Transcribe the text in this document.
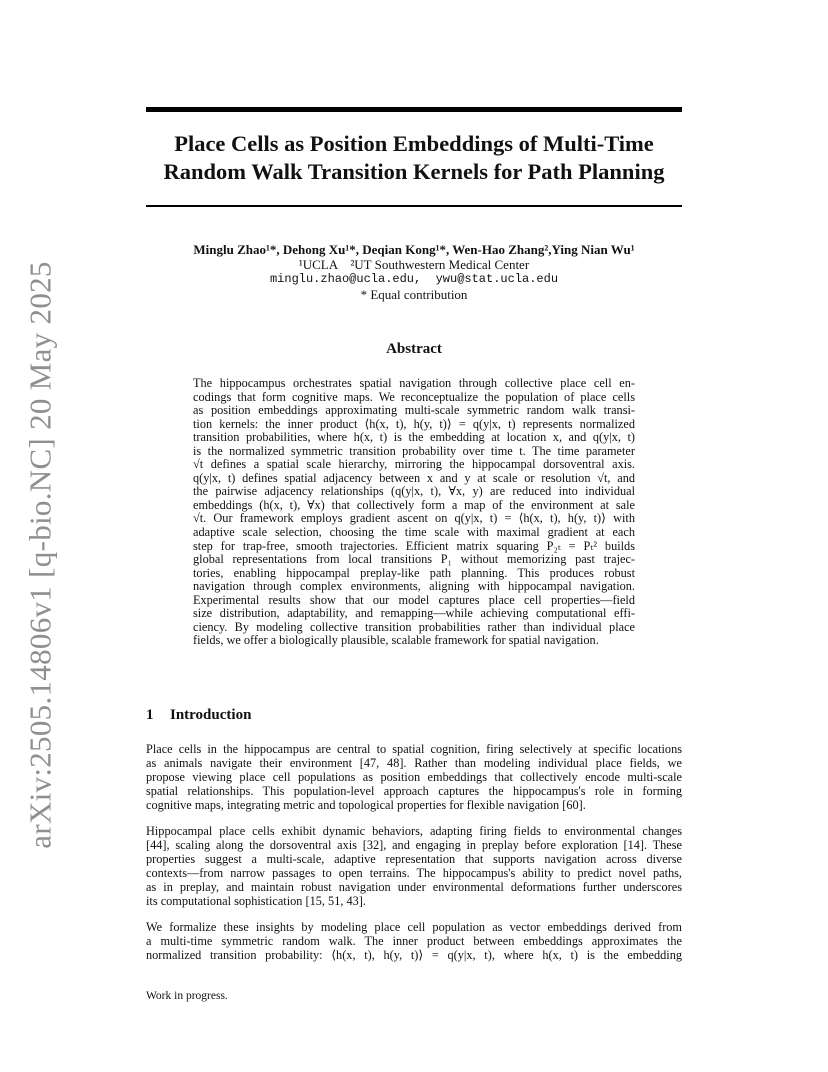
arXiv:2505.14806v1 [q-bio.NC] 20 May 2025
Place Cells as Position Embeddings of Multi-Time
Random Walk Transition Kernels for Path Planning
Minglu Zhao¹*, Dehong Xu¹*, Deqian Kong¹*, Wen-Hao Zhang²,Ying Nian Wu¹
¹UCLA    ²UT Southwestern Medical Center
minglu.zhao@ucla.edu,  ywu@stat.ucla.edu
* Equal contribution
Abstract
The hippocampus orchestrates spatial navigation through collective place cell en-
codings that form cognitive maps. We reconceptualize the population of place cells
as position embeddings approximating multi-scale symmetric random walk transi-
tion kernels: the inner product ⟨h(x, t), h(y, t)⟩ = q(y|x, t) represents normalized
transition probabilities, where h(x, t) is the embedding at location x, and q(y|x, t)
is the normalized symmetric transition probability over time t. The time parameter
√t defines a spatial scale hierarchy, mirroring the hippocampal dorsoventral axis.
q(y|x, t) defines spatial adjacency between x and y at scale or resolution √t, and
the pairwise adjacency relationships (q(y|x, t), ∀x, y) are reduced into individual
embeddings (h(x, t), ∀x) that collectively form a map of the environment at sale
√t. Our framework employs gradient ascent on q(y|x, t) = ⟨h(x, t), h(y, t)⟩ with
adaptive scale selection, choosing the time scale with maximal gradient at each
step for trap-free, smooth trajectories. Efficient matrix squaring P₂ₜ = Pₜ² builds
global representations from local transitions P₁ without memorizing past trajec-
tories, enabling hippocampal preplay-like path planning. This produces robust
navigation through complex environments, aligning with hippocampal navigation.
Experimental results show that our model captures place cell properties—field
size distribution, adaptability, and remapping—while achieving computational effi-
ciency. By modeling collective transition probabilities rather than individual place
fields, we offer a biologically plausible, scalable framework for spatial navigation.
1 Introduction
Place cells in the hippocampus are central to spatial cognition, firing selectively at specific locations
as animals navigate their environment [47, 48]. Rather than modeling individual place fields, we
propose viewing place cell populations as position embeddings that collectively encode multi-scale
spatial relationships. This population-level approach captures the hippocampus's role in forming
cognitive maps, integrating metric and topological properties for flexible navigation [60].
Hippocampal place cells exhibit dynamic behaviors, adapting firing fields to environmental changes
[44], scaling along the dorsoventral axis [32], and engaging in preplay before exploration [14]. These
properties suggest a multi-scale, adaptive representation that supports navigation across diverse
contexts—from narrow passages to open terrains. The hippocampus's ability to predict novel paths,
as in preplay, and maintain robust navigation under environmental deformations further underscores
its computational sophistication [15, 51, 43].
We formalize these insights by modeling place cell population as vector embeddings derived from
a multi-time symmetric random walk. The inner product between embeddings approximates the
normalized transition probability: ⟨h(x, t), h(y, t)⟩ = q(y|x, t), where h(x, t) is the embedding
Work in progress.
